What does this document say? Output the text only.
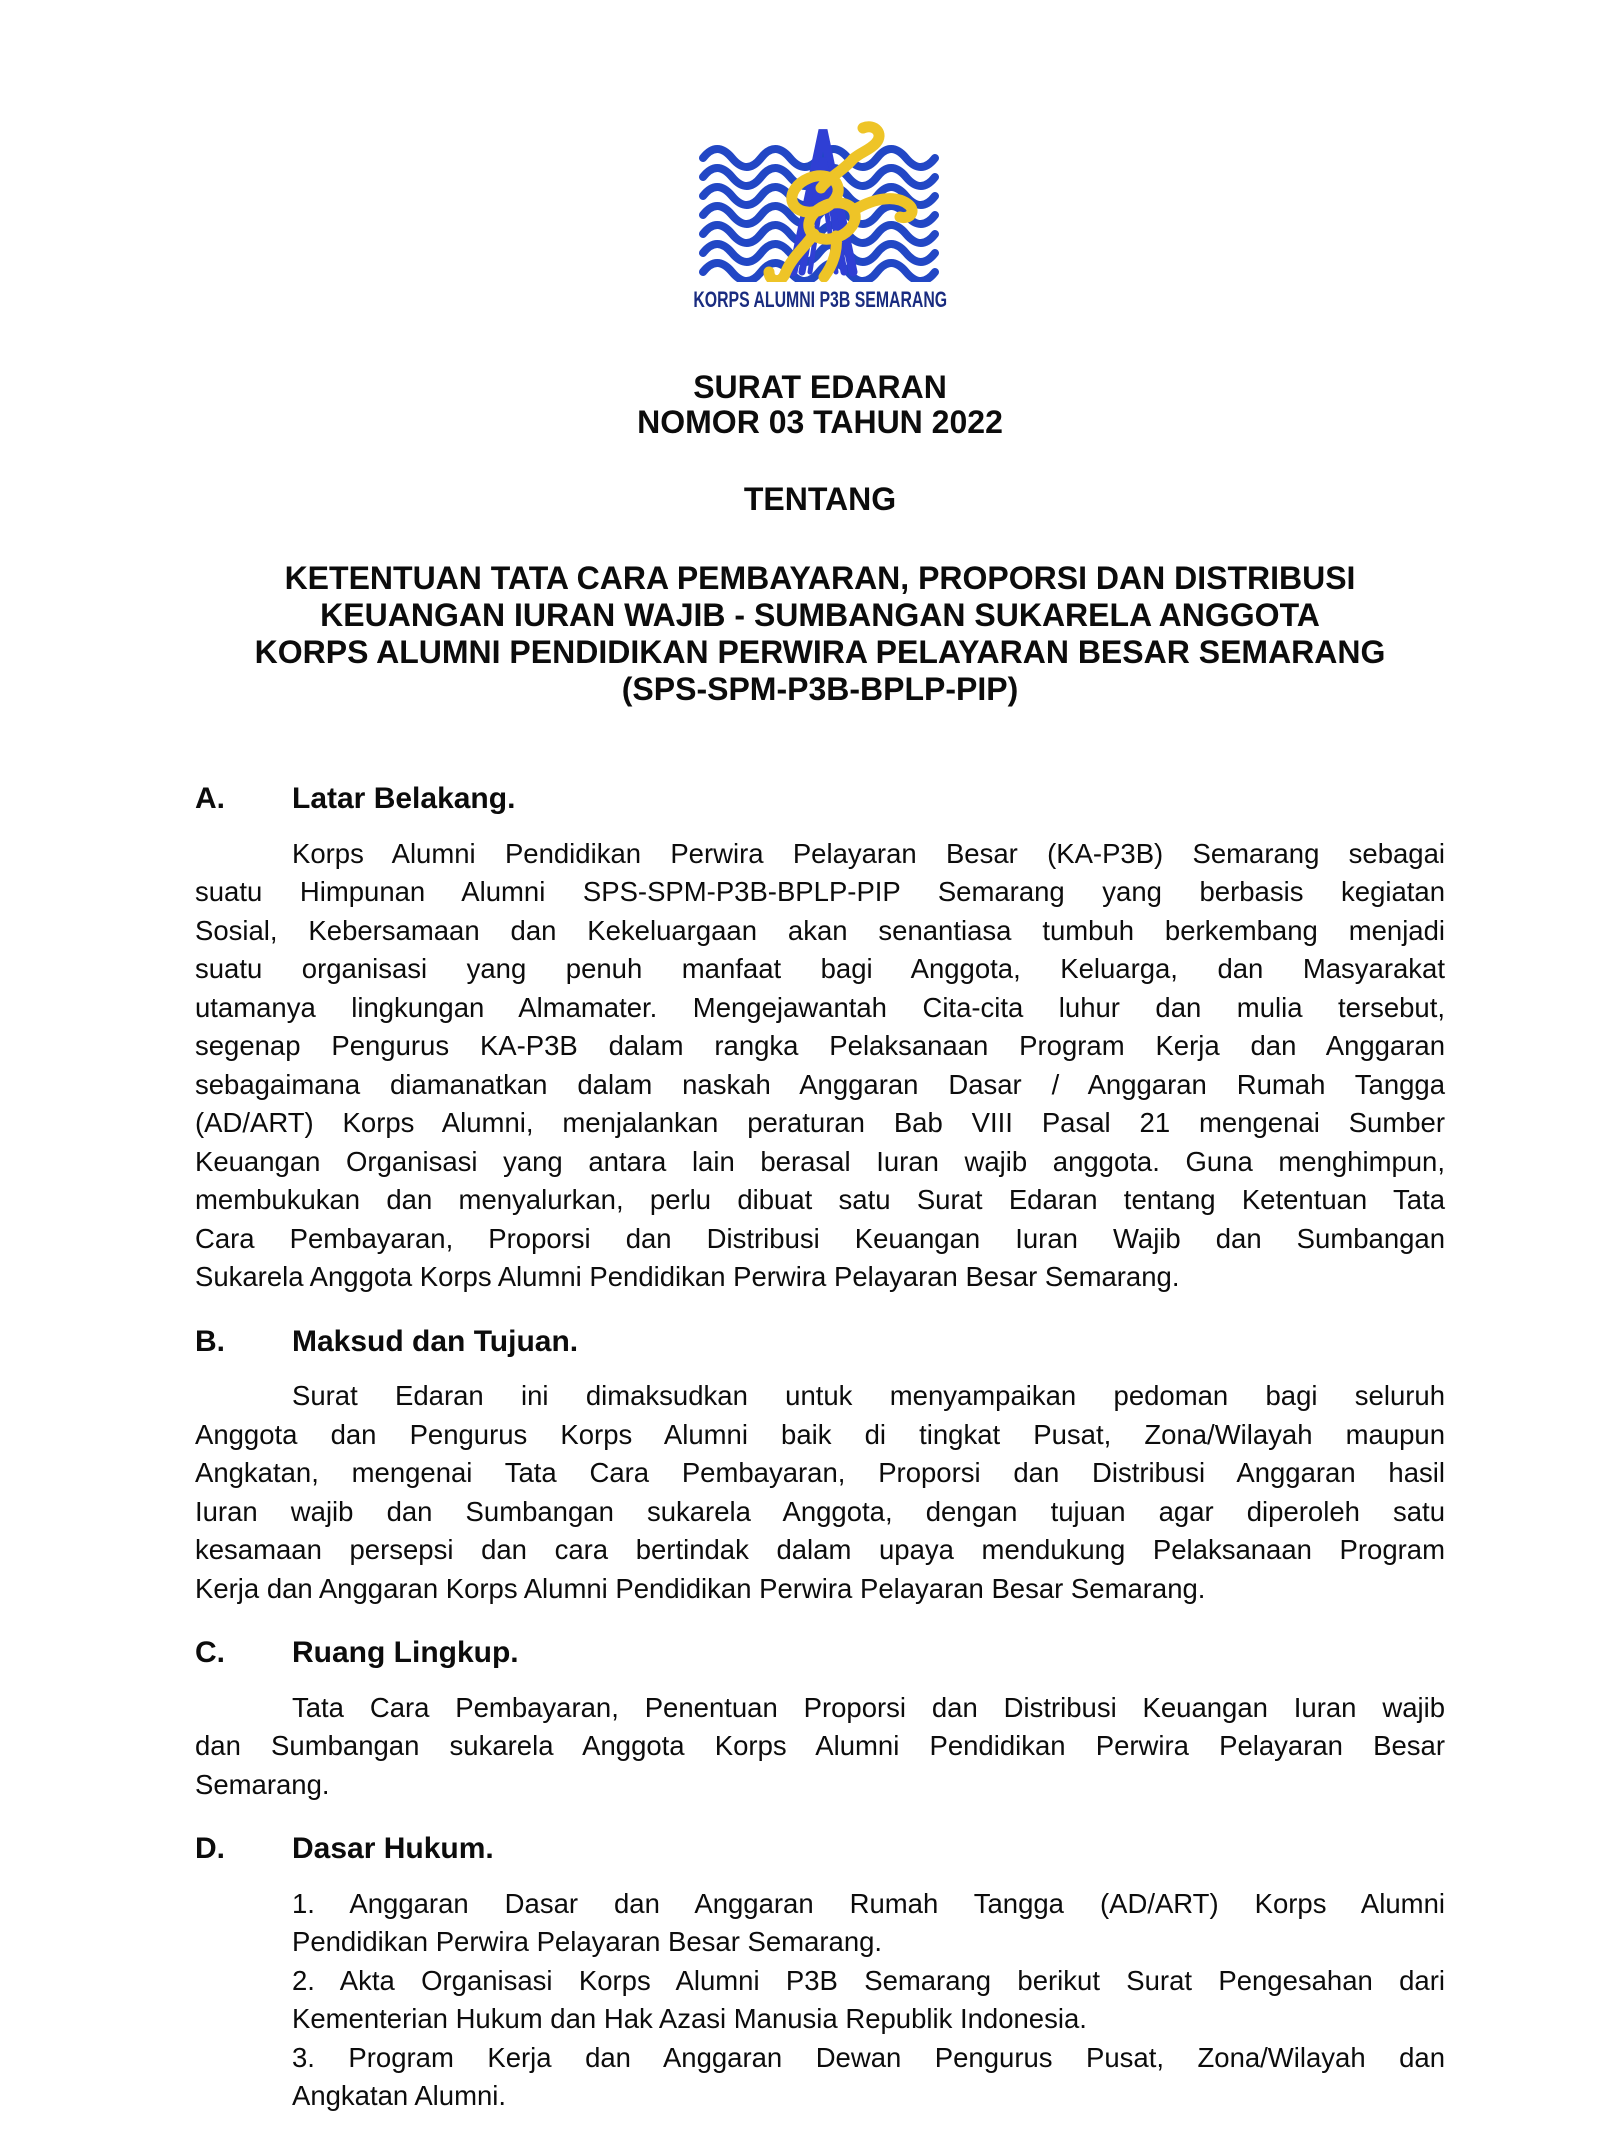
KORPS ALUMNI P3B SEMARANG
SURAT EDARAN
NOMOR 03 TAHUN 2022
TENTANG
KETENTUAN TATA CARA PEMBAYARAN, PROPORSI DAN DISTRIBUSI
KEUANGAN IURAN WAJIB - SUMBANGAN SUKARELA ANGGOTA
KORPS ALUMNI PENDIDIKAN PERWIRA PELAYARAN BESAR SEMARANG
(SPS-SPM-P3B-BPLP-PIP)
A.	Latar Belakang.
Korps Alumni Pendidikan Perwira Pelayaran Besar (KA-P3B) Semarang sebagai
suatu Himpunan Alumni SPS-SPM-P3B-BPLP-PIP Semarang yang berbasis kegiatan
Sosial, Kebersamaan dan Kekeluargaan akan senantiasa tumbuh berkembang menjadi
suatu organisasi yang penuh manfaat bagi Anggota, Keluarga, dan Masyarakat
utamanya lingkungan Almamater. Mengejawantah Cita-cita luhur dan mulia tersebut,
segenap Pengurus KA-P3B dalam rangka Pelaksanaan Program Kerja dan Anggaran
sebagaimana diamanatkan dalam naskah Anggaran Dasar / Anggaran Rumah Tangga
(AD/ART) Korps Alumni, menjalankan peraturan Bab VIII Pasal 21 mengenai Sumber
Keuangan Organisasi yang antara lain berasal Iuran wajib anggota. Guna menghimpun,
membukukan dan menyalurkan, perlu dibuat satu Surat Edaran tentang Ketentuan Tata
Cara Pembayaran, Proporsi dan Distribusi Keuangan Iuran Wajib dan Sumbangan
Sukarela Anggota Korps Alumni Pendidikan Perwira Pelayaran Besar Semarang.
B.	Maksud dan Tujuan.
Surat Edaran ini dimaksudkan untuk menyampaikan pedoman bagi seluruh
Anggota dan Pengurus Korps Alumni baik di tingkat Pusat, Zona/Wilayah maupun
Angkatan, mengenai Tata Cara Pembayaran, Proporsi dan Distribusi Anggaran hasil
Iuran wajib dan Sumbangan sukarela Anggota, dengan tujuan agar diperoleh satu
kesamaan persepsi dan cara bertindak dalam upaya mendukung Pelaksanaan Program
Kerja dan Anggaran Korps Alumni Pendidikan Perwira Pelayaran Besar Semarang.
C.	Ruang Lingkup.
Tata Cara Pembayaran, Penentuan Proporsi dan Distribusi Keuangan Iuran wajib
dan Sumbangan sukarela Anggota Korps Alumni Pendidikan Perwira Pelayaran Besar
Semarang.
D.	Dasar Hukum.
1. Anggaran Dasar dan Anggaran Rumah Tangga (AD/ART) Korps Alumni
Pendidikan Perwira Pelayaran Besar Semarang.
2. Akta Organisasi Korps Alumni P3B Semarang berikut Surat Pengesahan dari
Kementerian Hukum dan Hak Azasi Manusia Republik Indonesia.
3. Program Kerja dan Anggaran Dewan Pengurus Pusat, Zona/Wilayah dan
Angkatan Alumni.
